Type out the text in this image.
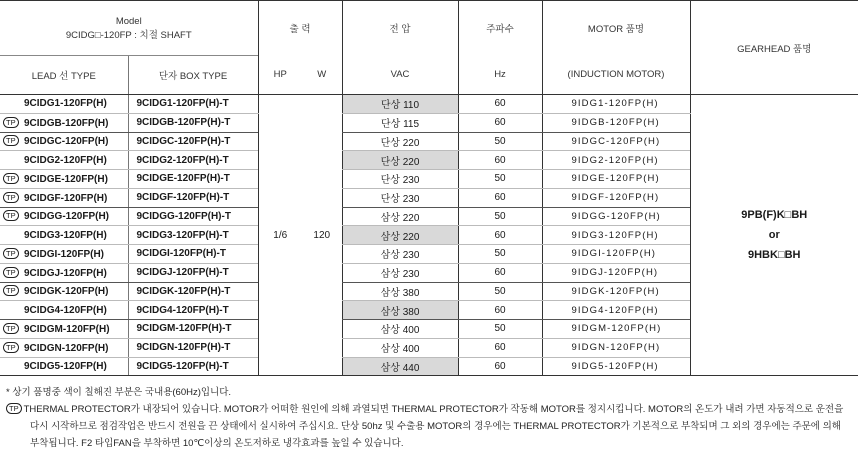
Model
9CIDG□-120FP : 치절 SHAFT		출 력		전 압	주파수	MOTOR 품명	GEARHEAD 품명
LEAD 선 TYPE	단자 BOX TYPE	HP	W	VAC	Hz	(INDUCTION MOTOR)	
9CIDG1-120FP(H)	9CIDG1-120FP(H)-T	1/6	120	단상 110	60	9IDG1-120FP(H)	9PB(F)K□BH
or
9HBK□BH

TP 9CIDGB-120FP(H)	9CIDGB-120FP(H)-T			단상 115	60	9IDGB-120FP(H)	
TP 9CIDGC-120FP(H)	9CIDGC-120FP(H)-T			단상 220	50	9IDGC-120FP(H)	
9CIDG2-120FP(H)	9CIDG2-120FP(H)-T			단상 220	60	9IDG2-120FP(H)	
TP 9CIDGE-120FP(H)	9CIDGE-120FP(H)-T			단상 230	50	9IDGE-120FP(H)	
TP 9CIDGF-120FP(H)	9CIDGF-120FP(H)-T			단상 230	60	9IDGF-120FP(H)	
TP 9CIDGG-120FP(H)	9CIDGG-120FP(H)-T			삼상 220	50	9IDGG-120FP(H)	
9CIDG3-120FP(H)	9CIDG3-120FP(H)-T			삼상 220	60	9IDG3-120FP(H)	
TP 9CIDGI-120FP(H)	9CIDGI-120FP(H)-T			삼상 230	50	9IDGI-120FP(H)	
TP 9CIDGJ-120FP(H)	9CIDGJ-120FP(H)-T			삼상 230	60	9IDGJ-120FP(H)	
TP 9CIDGK-120FP(H)	9CIDGK-120FP(H)-T			삼상 380	50	9IDGK-120FP(H)	
9CIDG4-120FP(H)	9CIDG4-120FP(H)-T			삼상 380	60	9IDG4-120FP(H)	
TP 9CIDGM-120FP(H)	9CIDGM-120FP(H)-T			삼상 400	50	9IDGM-120FP(H)	
TP 9CIDGN-120FP(H)	9CIDGN-120FP(H)-T			삼상 400	60	9IDGN-120FP(H)	
9CIDG5-120FP(H)	9CIDG5-120FP(H)-T			삼상 440	60	9IDG5-120FP(H)	

* 상기 품명중 색이 칠해진 부분은 국내용(60Hz)입니다.

TP THERMAL PROTECTOR가 내장되어 있습니다. MOTOR가 어떠한 원인에 의해 과열되면 THERMAL PROTECTOR가 작동해 MOTOR를 정지시킵니다. MOTOR의 온도가 내려 가면 자동적으로 운전을

다시 시작하므로 점검작업은 반드시 전원을 끈 상태에서 실시하여 주십시요. 단상 50hz 및 수출용 MOTOR의 경우에는 THERMAL PROTECTOR가 기본적으로 부착되며 그 외의 경우에는 주문에 의해

부착됩니다. F2 타입FAN을 부착하면 10℃이상의 온도저하로 냉각효과를 높일 수 있습니다.
